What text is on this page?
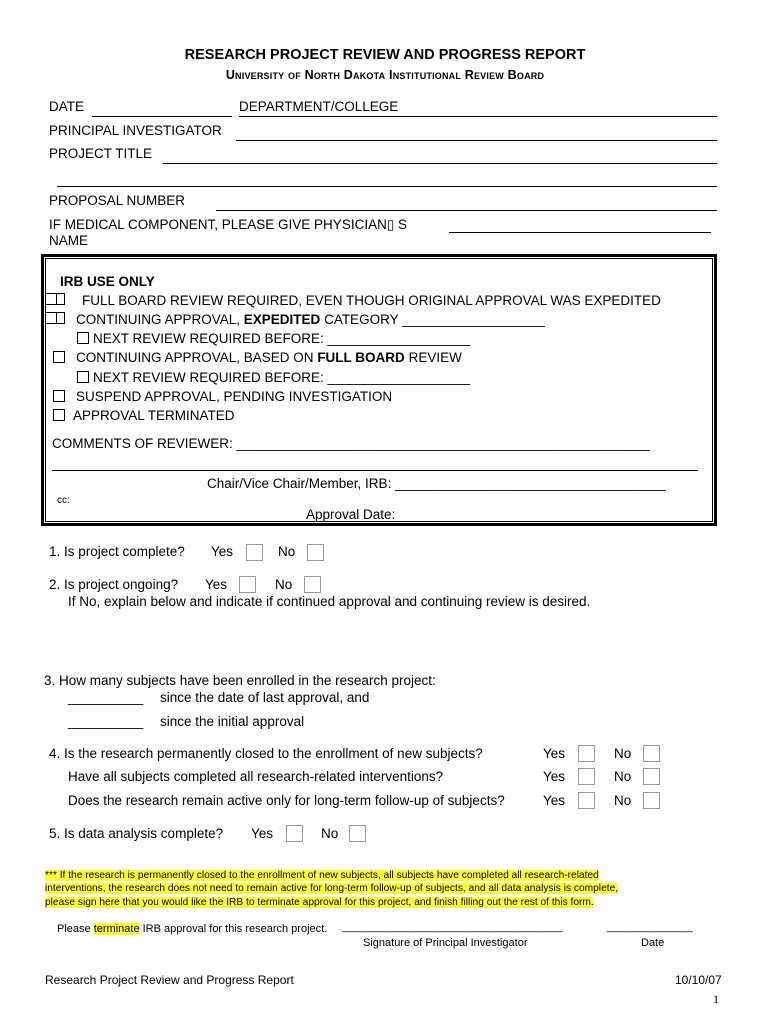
RESEARCH PROJECT REVIEW AND PROGRESS REPORT
University of North Dakota Institutional Review Board
DATE	DEPARTMENT/COLLEGE
PRINCIPAL INVESTIGATOR
PROJECT TITLE
PROPOSAL NUMBER
IF MEDICAL COMPONENT, PLEASE GIVE PHYSICIAN▯ S
NAME
IRB USE ONLY
FULL BOARD REVIEW REQUIRED, EVEN THOUGH ORIGINAL APPROVAL WAS EXPEDITED
CONTINUING APPROVAL, EXPEDITED CATEGORY ___________________
NEXT REVIEW REQUIRED BEFORE: ___________________
CONTINUING APPROVAL, BASED ON FULL BOARD REVIEW
NEXT REVIEW REQUIRED BEFORE: ___________________
SUSPEND APPROVAL, PENDING INVESTIGATION
APPROVAL TERMINATED
COMMENTS OF REVIEWER: _______________________________________________________
Chair/Vice Chair/Member, IRB: ____________________________________
cc:
Approval Date: ____________________________________
1. Is project complete? Yes	No
2. Is project ongoing? Yes	No
If No, explain below and indicate if continued approval and continuing review is desired.
3. How many subjects have been enrolled in the research project:
__________ since the date of last approval, and
__________ since the initial approval
4. Is the research permanently closed to the enrollment of new subjects?	Yes	No
Have all subjects completed all research-related interventions?	Yes	No
Does the research remain active only for long-term follow-up of subjects?	Yes	No
5. Is data analysis complete? Yes	No
*** If the research is permanently closed to the enrollment of new subjects, all subjects have completed all research-related
interventions, the research does not need to remain active for long-term follow-up of subjects, and all data analysis is complete,
please sign here that you would like the IRB to terminate approval for this project, and finish filling out the rest of this form.
Please terminate IRB approval for this research project. ____________________________________	______________
Signature of Principal Investigator	Date
Research Project Review and Progress Report	10/10/07
1
